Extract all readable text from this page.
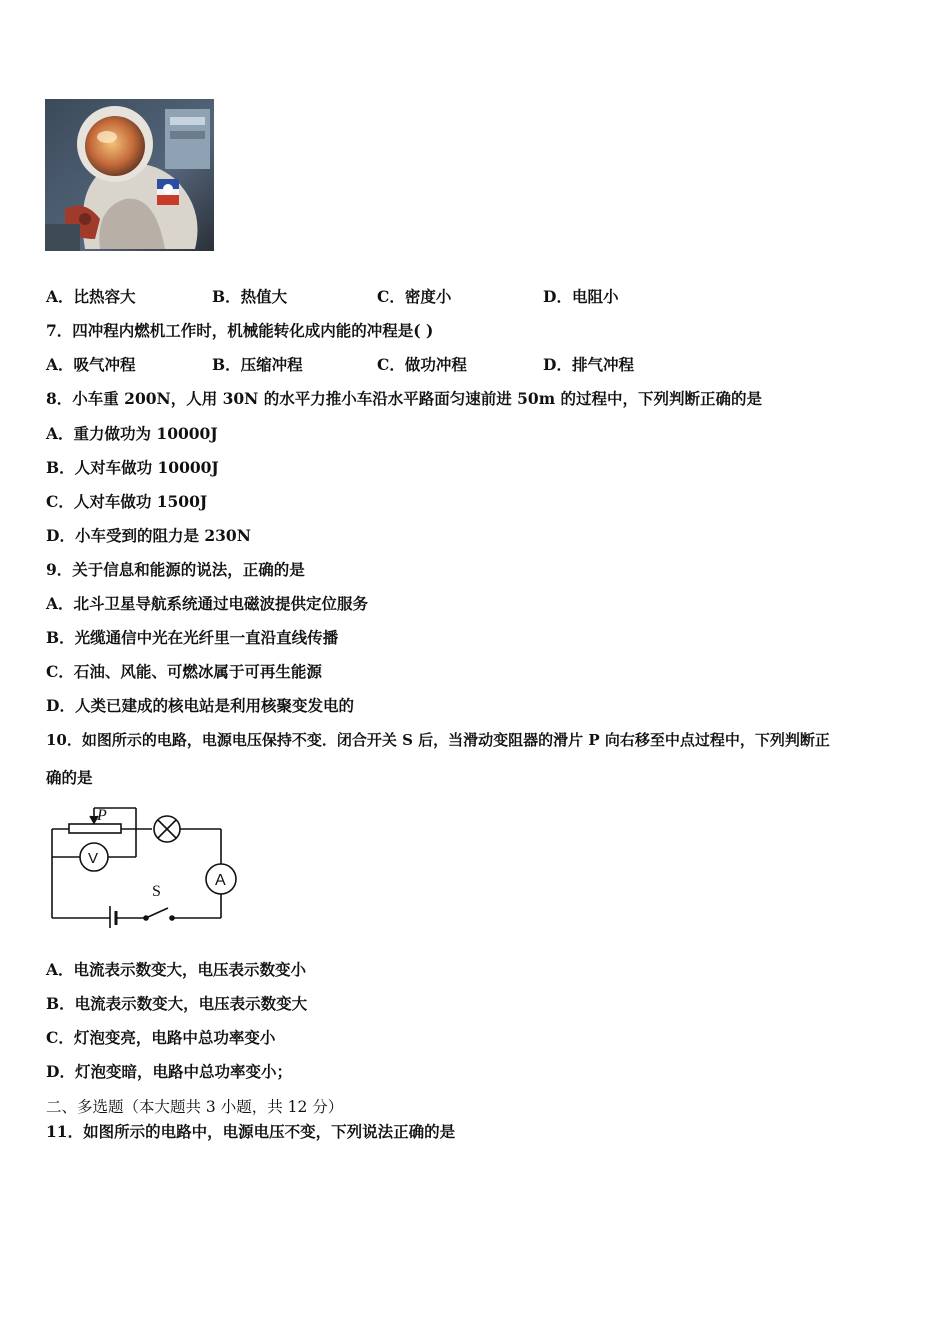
A．比热容大	B．热值大	C．密度小	D．电阻小
7．四冲程内燃机工作时，机械能转化成内能的冲程是( )
A．吸气冲程	B．压缩冲程	C．做功冲程	D．排气冲程
8．小车重 200N，人用 30N 的水平力推小车沿水平路面匀速前进 50m 的过程中，下列判断正确的是
A．重力做功为 10000J
B．人对车做功 10000J
C．人对车做功 1500J
D．小车受到的阻力是 230N
9．关于信息和能源的说法，正确的是
A．北斗卫星导航系统通过电磁波提供定位服务
B．光缆通信中光在光纤里一直沿直线传播
C．石油、风能、可燃冰属于可再生能源
D．人类已建成的核电站是利用核聚变发电的
10．如图所示的电路，电源电压保持不变．闭合开关 S 后，当滑动变阻器的滑片 P 向右移至中点过程中，下列判断正
确的是
P
A
V
S
A．电流表示数变大，电压表示数变小
B．电流表示数变大，电压表示数变大
C．灯泡变亮，电路中总功率变小
D．灯泡变暗，电路中总功率变小；
二、多选题（本大题共 3 小题，共 12 分）
11．如图所示的电路中，电源电压不变，下列说法正确的是
